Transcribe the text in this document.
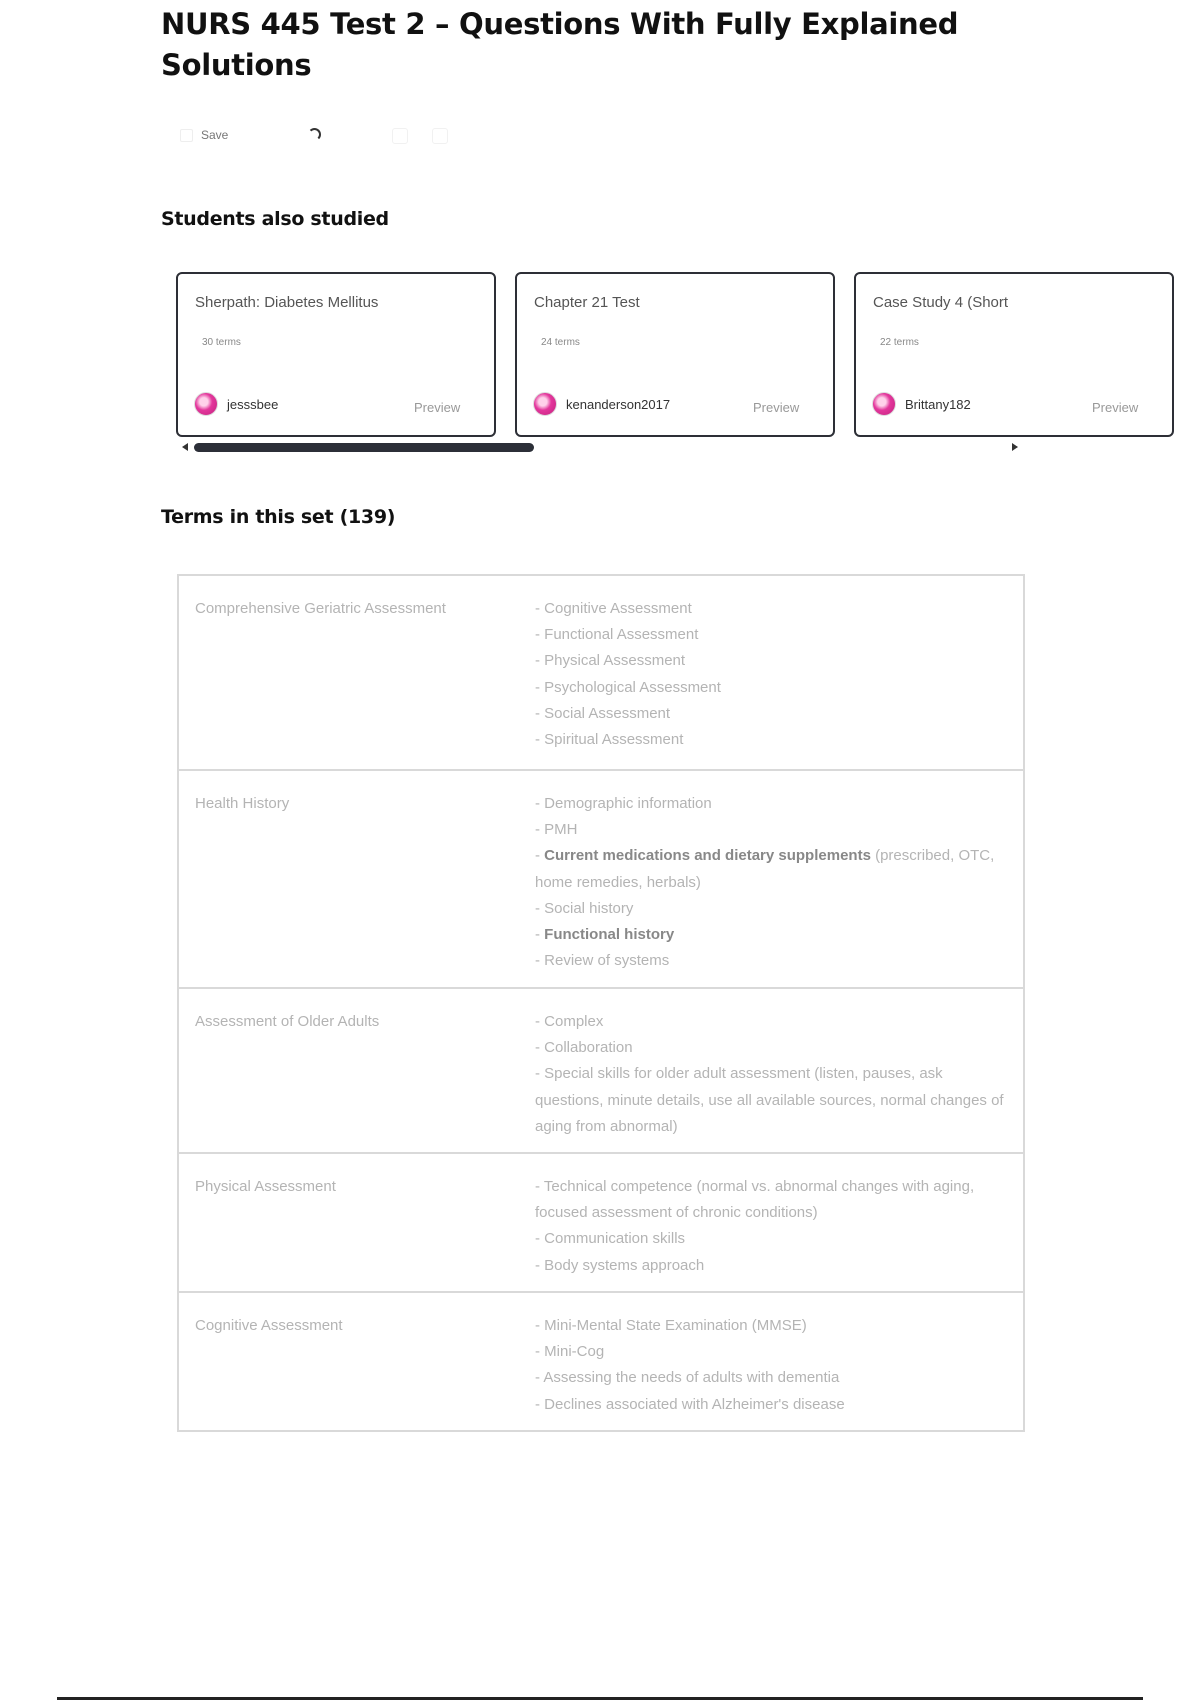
NURS 445 Test 2 – Questions With Fully Explained Solutions
Save
Students also studied
Sherpath: Diabetes Mellitus
30 terms
jesssbee	Preview
Chapter 21 Test
24 terms
kenanderson2017	Preview
Case Study 4 (Short
22 terms
Brittany182	Preview
Terms in this set (139)
Comprehensive Geriatric Assessment	- Cognitive Assessment
- Functional Assessment
- Physical Assessment
- Psychological Assessment
- Social Assessment
- Spiritual Assessment
Health History	- Demographic information
- PMH
- Current medications and dietary supplements (prescribed, OTC, home remedies, herbals)
- Social history
- Functional history
- Review of systems
Assessment of Older Adults	- Complex
- Collaboration
- Special skills for older adult assessment (listen, pauses, ask questions, minute details, use all available sources, normal changes of aging from abnormal)
Physical Assessment	- Technical competence (normal vs. abnormal changes with aging, focused assessment of chronic conditions)
- Communication skills
- Body systems approach
Cognitive Assessment	- Mini-Mental State Examination (MMSE)
- Mini-Cog
- Assessing the needs of adults with dementia
- Declines associated with Alzheimer's disease
